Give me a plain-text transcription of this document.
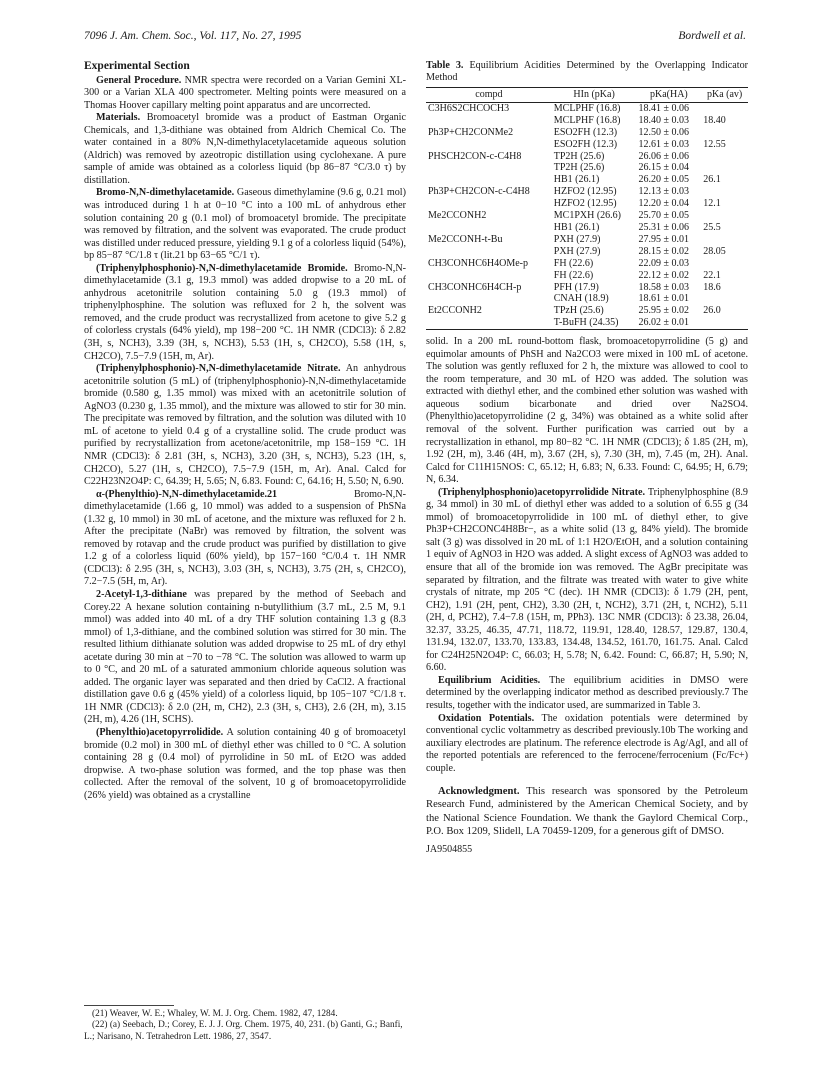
7096 J. Am. Chem. Soc., Vol. 117, No. 27, 1995	Bordwell et al.
Experimental Section

General Procedure. NMR spectra were recorded on a Varian Gemini XL-300 or a Varian XLA 400 spectrometer. Melting points were measured on a Thomas Hoover capillary melting point apparatus and are uncorrected.

Materials. Bromoacetyl bromide was a product of Eastman Organic Chemicals, and 1,3-dithiane was obtained from Aldrich Chemical Co. The water contained in a 80% N,N-dimethylacetylacetamide aqueous solution (Aldrich) was removed by azeotropic distillation using cyclohexane. A pure sample of amide was obtained as a colorless liquid (bp 86−87 °C/3.0 τ) by distillation.

Bromo-N,N-dimethylacetamide. Gaseous dimethylamine (9.6 g, 0.21 mol) was introduced during 1 h at 0−10 °C into a 100 mL of anhydrous ether solution containing 20 g (0.1 mol) of bromoacetyl bromide. The precipitate was removed by filtration, and the solvent was evaporated. The crude product was distilled under reduced pressure, yielding 9.1 g of a colorless liquid (54%), bp 85−87 °C/1.8 τ (lit.21 bp 63−65 °C/1 τ).

(Triphenylphosphonio)-N,N-dimethylacetamide Bromide. Bromo-N,N-dimethylacetamide (3.1 g, 19.3 mmol) was added dropwise to a 20 mL of anhydrous acetonitrile solution containing 5.0 g (19.3 mmol) of triphenylphosphine. The solution was refluxed for 2 h, the solvent was removed, and the crude product was recrystallized from acetone to give 5.2 g of colorless crystals (64% yield), mp 198−200 °C. 1H NMR (CDCl3): δ 2.82 (3H, s, NCH3), 3.39 (3H, s, NCH3), 5.53 (1H, s, CH2CO), 5.58 (1H, s, CH2CO), 7.5−7.9 (15H, m, Ar).

(Triphenylphosphonio)-N,N-dimethylacetamide Nitrate. An anhydrous acetonitrile solution (5 mL) of (triphenylphosphonio)-N,N-dimethylacetamide bromide (0.580 g, 1.35 mmol) was mixed with an acetonitrile solution of AgNO3 (0.230 g, 1.35 mmol), and the mixture was allowed to stir for 30 min. The precipitate was removed by filtration, and the solution was diluted with 10 mL of acetone to yield 0.4 g of a crystalline solid. The crude product was purified by recrystallization from acetone/acetonitrile, mp 158−159 °C. 1H NMR (CDCl3): δ 2.81 (3H, s, NCH3), 3.20 (3H, s, NCH3), 5.23 (1H, s, CH2CO), 5.27 (1H, s, CH2CO), 7.5−7.9 (15H, m, Ar). Anal. Calcd for C22H23N2O4P: C, 64.39; H, 5.65; N, 6.83. Found: C, 64.16; H, 5.50; N, 6.90.

α-(Phenylthio)-N,N-dimethylacetamide.21 Bromo-N,N-dimethylacetamide (1.66 g, 10 mmol) was added to a suspension of PhSNa (1.32 g, 10 mmol) in 30 mL of acetone, and the mixture was refluxed for 2 h. After the precipitate (NaBr) was removed by filtration, the solvent was removed by rotavap and the crude product was purified by distillation to give 1.2 g of a colorless liquid (60% yield), bp 157−160 °C/0.4 τ. 1H NMR (CDCl3): δ 2.95 (3H, s, NCH3), 3.03 (3H, s, NCH3), 3.75 (2H, s, CH2CO), 7.2−7.5 (5H, m, Ar).

2-Acetyl-1,3-dithiane was prepared by the method of Seebach and Corey.22 A hexane solution containing n-butyllithium (3.7 mL, 2.5 M, 9.1 mmol) was added into 40 mL of a dry THF solution containing 1.3 g (8.3 mmol) of 1,3-dithiane, and the combined solution was stirred for 30 min. The resulted lithium dithianate solution was added dropwise to 25 mL of dry ethyl acetate during 30 min at −70 to −78 °C. The solution was allowed to warm up to 0 °C, and 20 mL of a saturated ammonium chloride aqueous solution was added. The organic layer was separated and then dried by CaCl2. A fractional distillation gave 0.6 g (45% yield) of a colorless liquid, bp 105−107 °C/1.8 τ. 1H NMR (CDCl3): δ 2.0 (2H, m, CH2), 2.3 (3H, s, CH3), 2.6 (2H, m), 3.15 (2H, m), 4.26 (1H, SCHS).

(Phenylthio)acetopyrrolidide. A solution containing 40 g of bromoacetyl bromide (0.2 mol) in 300 mL of diethyl ether was chilled to 0 °C. A solution containing 28 g (0.4 mol) of pyrrolidine in 50 mL of Et2O was added dropwise. A two-phase solution was formed, and the top phase was then collected. After the removal of the solvent, 10 g of bromoacetopyrrolidide (26% yield) was obtained as a crystalline

Table 3. Equilibrium Acidities Determined by the Overlapping Indicator Method

compd	HIn (pKa)	pKa(HA)	pKa (av)
C3H6S2CHCOCH3	MCLPHF (16.8)	18.41 ± 0.06	
	MCLPHF (16.8)	18.40 ± 0.03	18.40
Ph3P+CH2CONMe2	ESO2FH (12.3)	12.50 ± 0.06	
	ESO2FH (12.3)	12.61 ± 0.03	12.55
PHSCH2CON-c-C4H8	TP2H (25.6)	26.06 ± 0.06	
	TP2H (25.6)	26.15 ± 0.04	
	HB1 (26.1)	26.20 ± 0.05	26.1
Ph3P+CH2CON-c-C4H8	HZFO2 (12.95)	12.13 ± 0.03	
	HZFO2 (12.95)	12.20 ± 0.04	12.1
Me2CCONH2	MC1PXH (26.6)	25.70 ± 0.05	
	HB1 (26.1)	25.31 ± 0.06	25.5
Me2CCONH-t-Bu	PXH (27.9)	27.95 ± 0.01	
	PXH (27.9)	28.15 ± 0.02	28.05
CH3CONHC6H4OMe-p	FH (22.6)	22.09 ± 0.03	
	FH (22.6)	22.12 ± 0.02	22.1
CH3CONHC6H4CH-p	PFH (17.9)	18.58 ± 0.03	18.6
	CNAH (18.9)	18.61 ± 0.01	
Et2CCONH2	TPzH (25.6)	25.95 ± 0.02	26.0
	T-BuFH (24.35)	26.02 ± 0.01	

solid. In a 200 mL round-bottom flask, bromoacetopyrrolidine (5 g) and equimolar amounts of PhSH and Na2CO3 were mixed in 100 mL of acetone. The solution was gently refluxed for 2 h, the mixture was allowed to cool to the room temperature, and 30 mL of H2O was added. The solution was extracted with diethyl ether, and the combined ether solution was washed with aqueous sodium bicarbonate and dried over Na2SO4. (Phenylthio)acetopyrrolidine (2 g, 34%) was obtained as a white solid after removal of the solvent. Further purification was carried out by a recrystallization in ethanol, mp 80−82 °C. 1H NMR (CDCl3); δ 1.85 (2H, m), 1.92 (2H, m), 3.46 (4H, m), 3.67 (2H, s), 7.30 (3H, m), 7.45 (m, 2H). Anal. Calcd for C11H15NOS: C, 65.12; H, 6.83; N, 6.33. Found: C, 64.95; H, 6.79; N, 6.34.

(Triphenylphosphonio)acetopyrrolidide Nitrate. Triphenylphosphine (8.9 g, 34 mmol) in 30 mL of diethyl ether was added to a solution of 6.55 g (34 mmol) of bromoacetopyrrolidide in 100 mL of diethyl ether, to give Ph3P+CH2CONC4H8Br−, as a white solid (13 g, 84% yield). The bromide salt (3 g) was dissolved in 20 mL of 1:1 H2O/EtOH, and a solution containing 1 equiv of AgNO3 in H2O was added. A slight excess of AgNO3 was added to ensure that all of the bromide ion was removed. The AgBr precipitate was separated by filtration, and the filtrate was treated with water to give white crystals of nitrate, mp 205 °C (dec). 1H NMR (CDCl3): δ 1.79 (2H, pent, CH2), 1.91 (2H, pent, CH2), 3.30 (2H, t, NCH2), 3.71 (2H, t, NCH2), 5.11 (2H, d, PCH2), 7.4−7.8 (15H, m, PPh3). 13C NMR (CDCl3): δ 23.38, 26.04, 32.37, 33.25, 46.35, 47.71, 118.72, 119.91, 128.40, 128.57, 129.87, 130.4, 131.94, 132.07, 133.70, 133.83, 134.48, 134.52, 161.70, 161.75. Anal. Calcd for C24H25N2O4P: C, 66.03; H, 5.78; N, 6.42. Found: C, 66.87; H, 5.90; N, 6.60.

Equilibrium Acidities. The equilibrium acidities in DMSO were determined by the overlapping indicator method as described previously.7 The results, together with the indicator used, are summarized in Table 3.

Oxidation Potentials. The oxidation potentials were determined by conventional cyclic voltammetry as described previously.10b The working and auxiliary electrodes are platinum. The reference electrode is Ag/AgI, and all of the reported potentials are referenced to the ferrocene/ferrocenium (Fc/Fc+) couple.

Acknowledgment. This research was sponsored by the Petroleum Research Fund, administered by the American Chemical Society, and by the National Science Foundation. We thank the Gaylord Chemical Corp., P.O. Box 1209, Slidell, LA 70459-1209, for a generous gift of DMSO.

JA9504855

(21) Weaver, W. E.; Whaley, W. M. J. Org. Chem. 1982, 47, 1284.

(22) (a) Seebach, D.; Corey, E. J. J. Org. Chem. 1975, 40, 231. (b) Ganti, G.; Banfi, L.; Narisano, N. Tetrahedron Lett. 1986, 27, 3547.
